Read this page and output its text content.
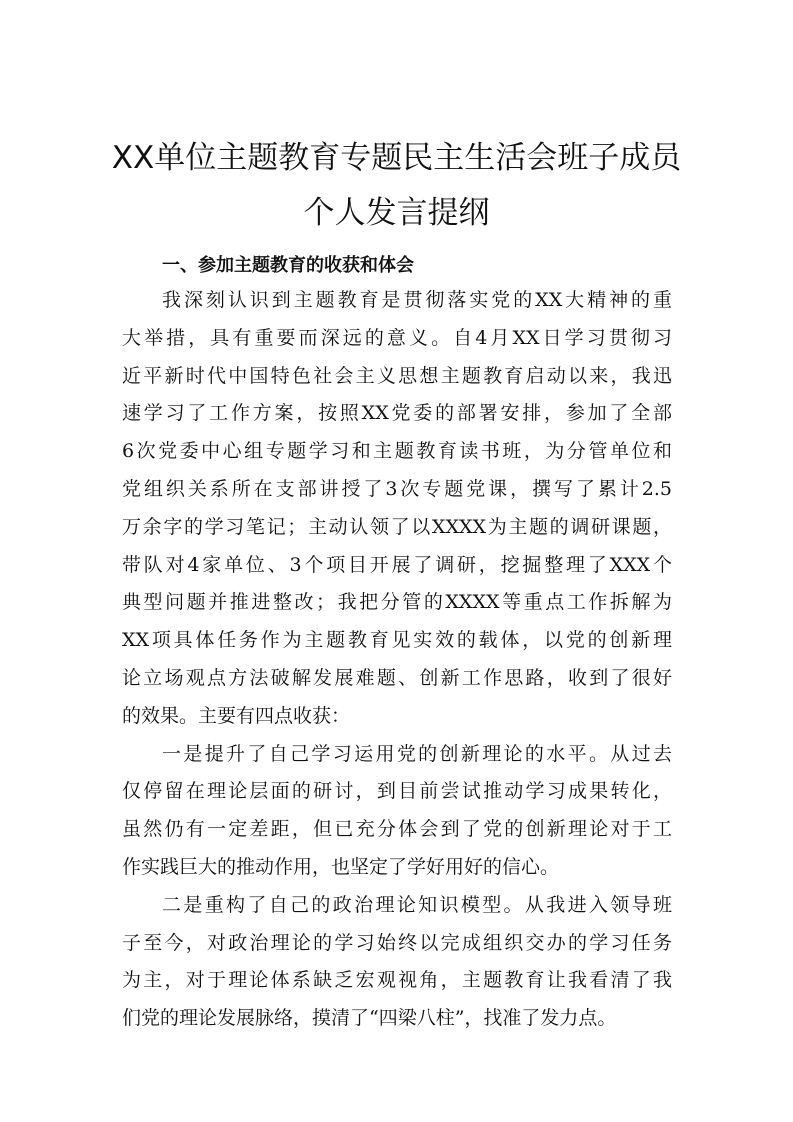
XX单位主题教育专题民主生活会班子成员
个人发言提纲
一、参加主题教育的收获和体会
我深刻认识到主题教育是贯彻落实党的XX大精神的重
大举措，具有重要而深远的意义。自4月XX日学习贯彻习
近平新时代中国特色社会主义思想主题教育启动以来，我迅
速学习了工作方案，按照XX党委的部署安排，参加了全部
6次党委中心组专题学习和主题教育读书班，为分管单位和
党组织关系所在支部讲授了3次专题党课，撰写了累计2.5
万余字的学习笔记；主动认领了以XXXX为主题的调研课题，
带队对4家单位、3个项目开展了调研，挖掘整理了XXX个
典型问题并推进整改；我把分管的XXXX等重点工作拆解为
XX项具体任务作为主题教育见实效的载体，以党的创新理
论立场观点方法破解发展难题、创新工作思路，收到了很好
的效果。主要有四点收获：
一是提升了自己学习运用党的创新理论的水平。从过去
仅停留在理论层面的研讨，到目前尝试推动学习成果转化，
虽然仍有一定差距，但已充分体会到了党的创新理论对于工
作实践巨大的推动作用，也坚定了学好用好的信心。
二是重构了自己的政治理论知识模型。从我进入领导班
子至今，对政治理论的学习始终以完成组织交办的学习任务
为主，对于理论体系缺乏宏观视角，主题教育让我看清了我
们党的理论发展脉络，摸清了“四梁八柱”，找准了发力点。
